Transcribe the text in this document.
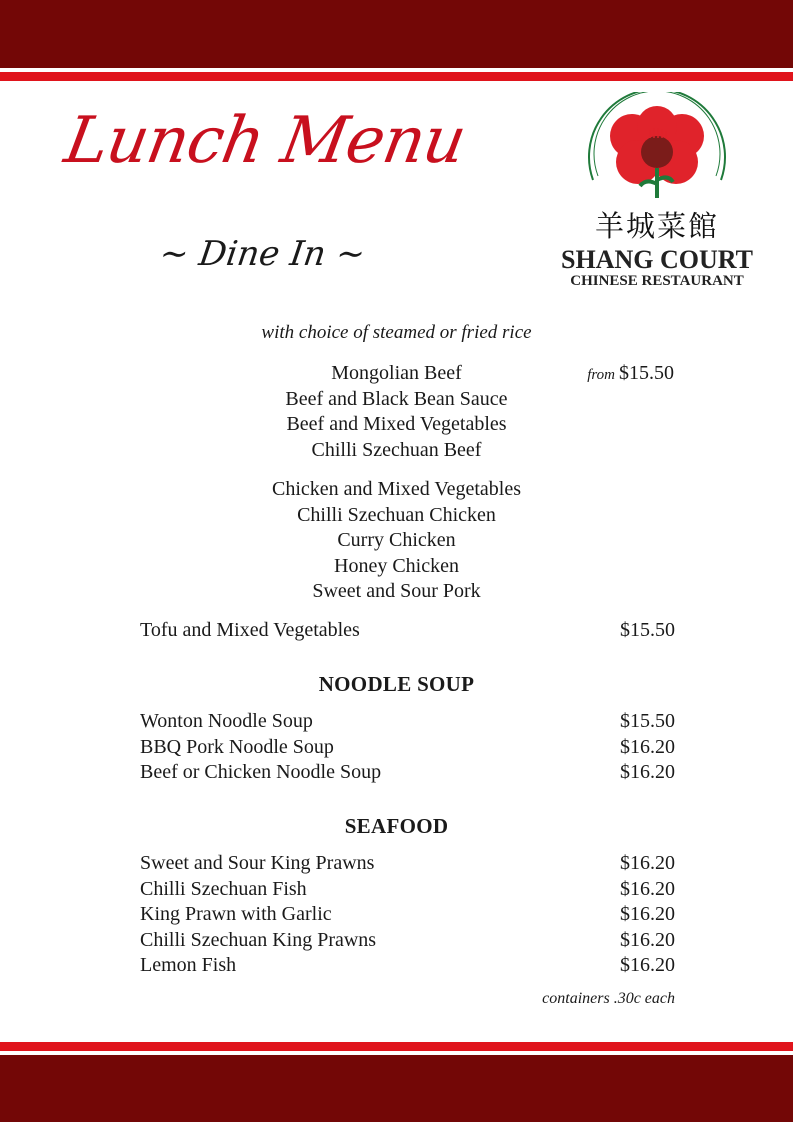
Lunch Menu
~ Dine In ~
羊城菜館
SHANG COURT
CHINESE RESTAURANT
with choice of steamed or fried rice
Mongolian Beef
Beef and Black Bean Sauce
Beef and Mixed Vegetables
Chilli Szechuan Beef
from $15.50
Chicken and Mixed Vegetables
Chilli Szechuan Chicken
Curry Chicken
Honey Chicken
Sweet and Sour Pork
Tofu and Mixed Vegetables	$15.50
NOODLE SOUP
Wonton Noodle Soup	$15.50
BBQ Pork Noodle Soup	$16.20
Beef or Chicken Noodle Soup	$16.20
SEAFOOD
Sweet and Sour King Prawns	$16.20
Chilli Szechuan Fish	$16.20
King Prawn with Garlic	$16.20
Chilli Szechuan King Prawns	$16.20
Lemon Fish	$16.20
containers .30c each
